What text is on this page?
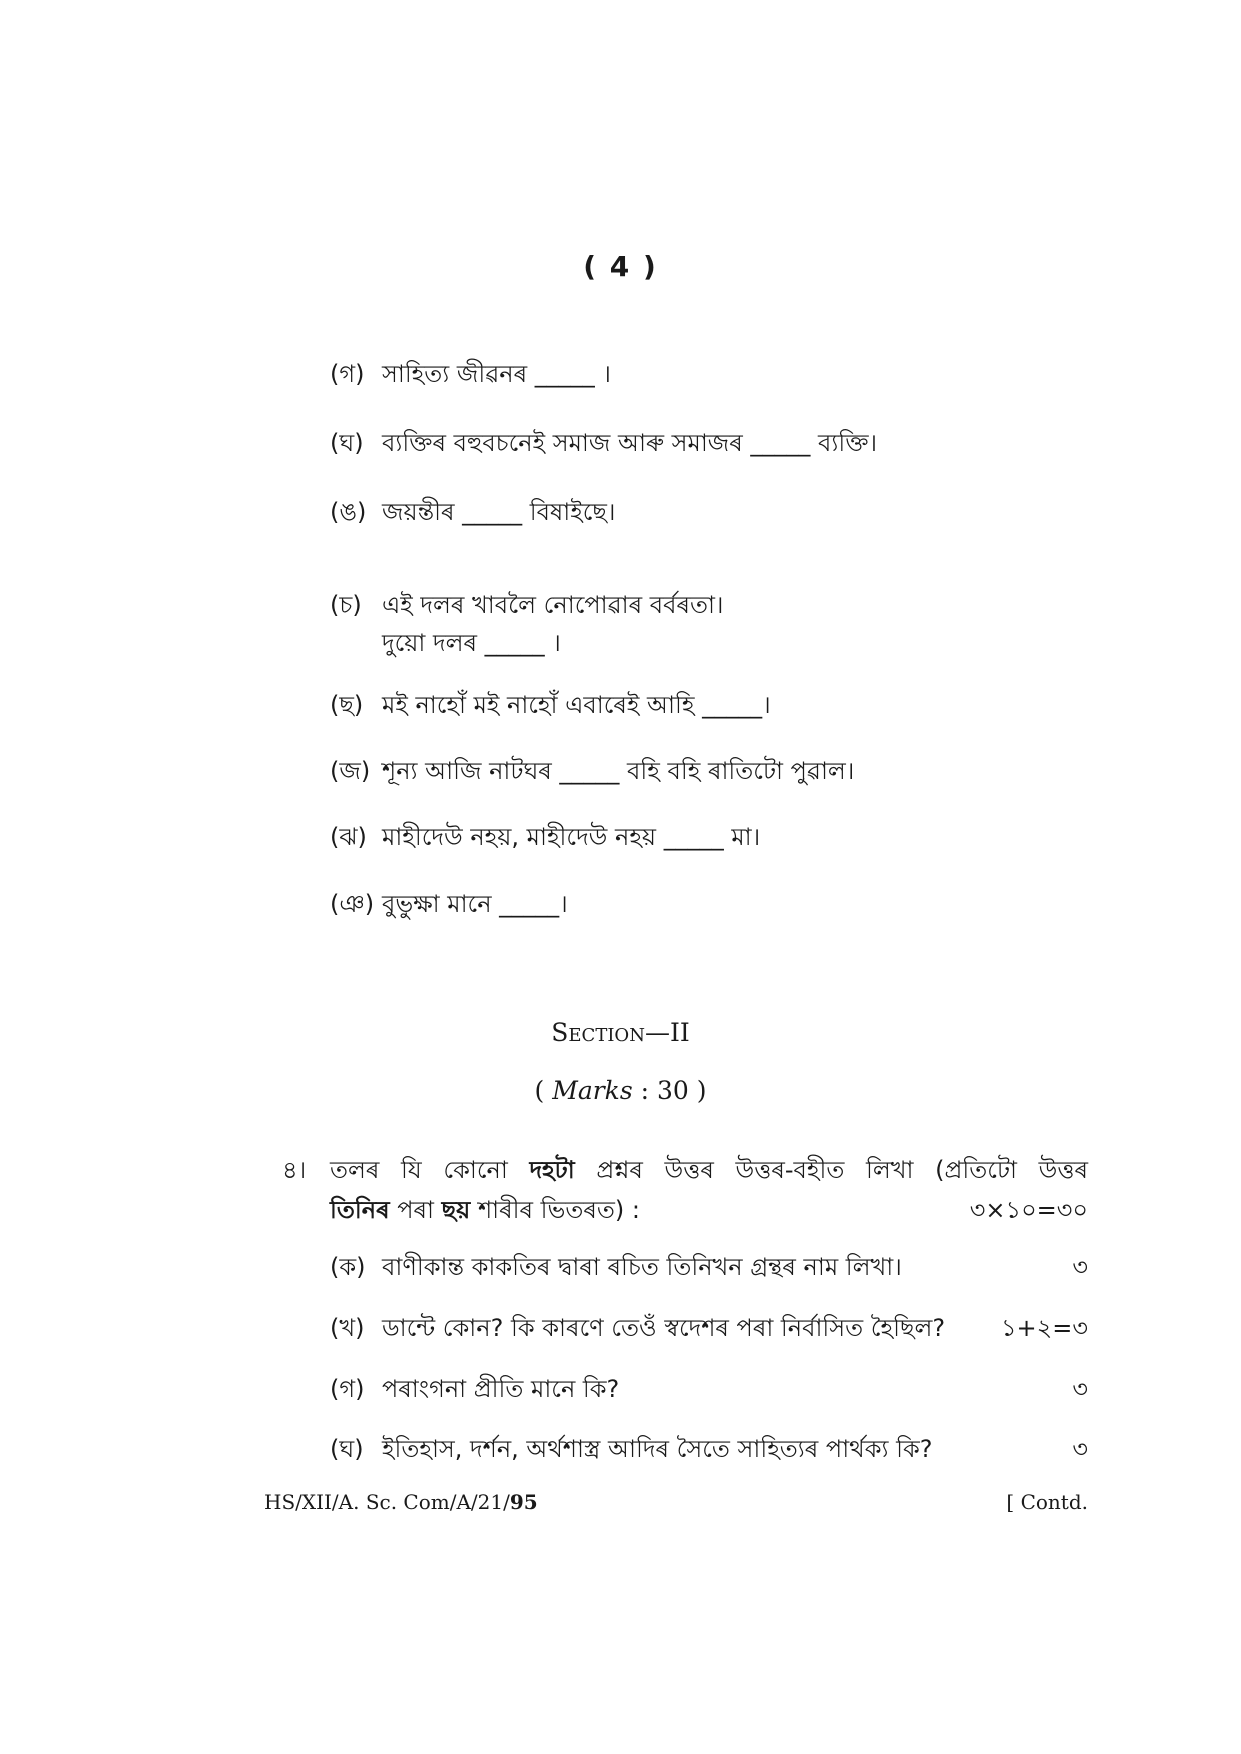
( 4 )
(গ) সাহিত্য জীৱনৰ _____ ।
(ঘ) ব্যক্তিৰ বহুবচনেই সমাজ আৰু সমাজৰ _____ ব্যক্তি।
(ঙ) জয়ন্তীৰ _____ বিষাইছে।
(চ) এই দলৰ খাবলৈ নোপোৱাৰ বৰ্বৰতা।
দুয়ো দলৰ _____ ।
(ছ) মই নাহোঁ মই নাহোঁ এবাৰেই আহি _____।
(জ) শূন্য আজি নাটঘৰ _____ বহি বহি ৰাতিটো পুৱাল।
(ঝ) মাহীদেউ নহয়, মাহীদেউ নহয় _____ মা।
(ঞ) বুভুক্ষা মানে _____।
Section—II
( Marks : 30 )
৪। তলৰ যি কোনো দহটা প্ৰশ্নৰ উত্তৰ উত্তৰ-বহীত লিখা (প্ৰতিটো উত্তৰ
তিনিৰ পৰা ছয় শাৰীৰ ভিতৰত) :	৩×১০=৩০
(ক) বাণীকান্ত কাকতিৰ দ্বাৰা ৰচিত তিনিখন গ্ৰন্থৰ নাম লিখা।	৩
(খ) ডান্টে কোন? কি কাৰণে তেওঁ স্বদেশৰ পৰা নিৰ্বাসিত হৈছিল? ১+২=৩
(গ) পৰাংগনা প্ৰীতি মানে কি?	৩
(ঘ) ইতিহাস, দৰ্শন, অৰ্থশাস্ত্ৰ আদিৰ সৈতে সাহিত্যৰ পাৰ্থক্য কি?	৩
HS/XII/A. Sc. Com/A/21/95	[ Contd.
